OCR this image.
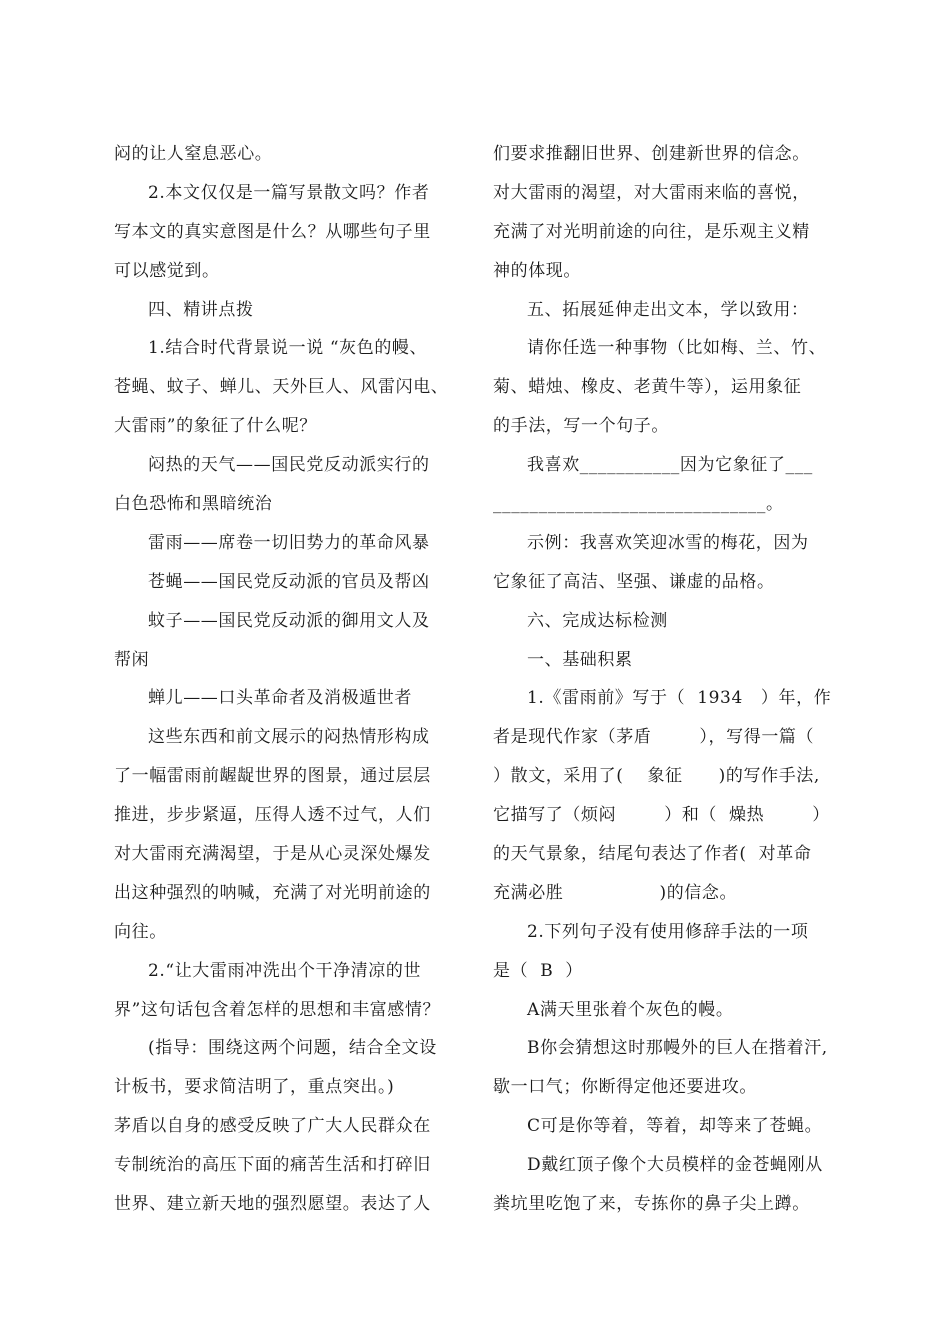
闷的让人窒息恶心。
2.本文仅仅是一篇写景散文吗？作者
写本文的真实意图是什么？从哪些句子里
可以感觉到。
四、精讲点拨
1.结合时代背景说一说 “灰色的幔、
苍蝇、蚊子、蝉儿、天外巨人、风雷闪电、
大雷雨”的象征了什么呢？
闷热的天气——国民党反动派实行的
白色恐怖和黑暗统治
雷雨——席卷一切旧势力的革命风暴
苍蝇——国民党反动派的官员及帮凶
蚊子——国民党反动派的御用文人及
帮闲
蝉儿——口头革命者及消极遁世者
这些东西和前文展示的闷热情形构成
了一幅雷雨前龌龊世界的图景，通过层层
推进，步步紧逼，压得人透不过气，人们
对大雷雨充满渴望，于是从心灵深处爆发
出这种强烈的呐喊，充满了对光明前途的
向往。
2.“让大雷雨冲洗出个干净清凉的世
界”这句话包含着怎样的思想和丰富感情？
(指导：围绕这两个问题，结合全文设
计板书，要求简洁明了，重点突出。)
茅盾以自身的感受反映了广大人民群众在
专制统治的高压下面的痛苦生活和打碎旧
世界、建立新天地的强烈愿望。表达了人
们要求推翻旧世界、创建新世界的信念。
对大雷雨的渴望，对大雷雨来临的喜悦，
充满了对光明前途的向往，是乐观主义精
神的体现。
五、拓展延伸走出文本，学以致用：
请你任选一种事物（比如梅、兰、竹、
菊、蜡烛、橡皮、老黄牛等），运用象征
的手法，写一个句子。
我喜欢___________因为它象征了___
______________________________。
示例：我喜欢笑迎冰雪的梅花，因为
它象征了高洁、坚强、谦虚的品格。
六、完成达标检测
一、基础积累
1.《雷雨前》写于（  1934   ）年，作
者是现代作家（茅盾        ），写得一篇（
）散文，采用了(    象征      )的写作手法,
它描写了（烦闷        ）和（  燥热        ）
的天气景象，结尾句表达了作者(  对革命
充满必胜                )的信念。
2.下列句子没有使用修辞手法的一项
是（  B  ）
A满天里张着个灰色的幔。
B你会猜想这时那幔外的巨人在揩着汗,
歇一口气；你断得定他还要进攻。
C可是你等着，等着，却等来了苍蝇。
D戴红顶子像个大员模样的金苍蝇刚从
粪坑里吃饱了来，专拣你的鼻子尖上蹲。
